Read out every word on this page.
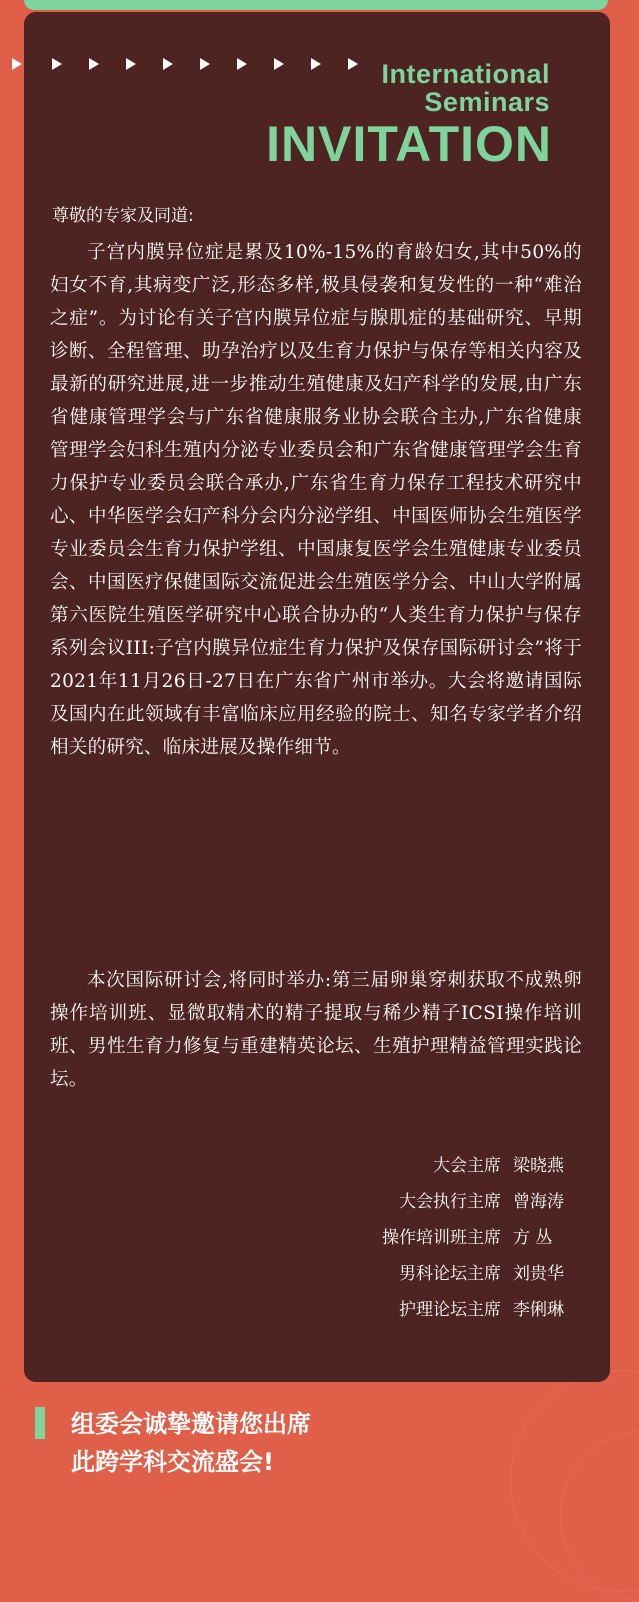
International
Seminars
INVITATION
尊敬的专家及同道:
子宫内膜异位症是累及10%-15%的育龄妇女,其中50%的妇女不育,其病变广泛,形态多样,极具侵袭和复发性的一种“难治之症”。为讨论有关子宫内膜异位症与腺肌症的基础研究、早期诊断、全程管理、助孕治疗以及生育力保护与保存等相关内容及最新的研究进展,进一步推动生殖健康及妇产科学的发展,由广东省健康管理学会与广东省健康服务业协会联合主办,广东省健康管理学会妇科生殖内分泌专业委员会和广东省健康管理学会生育力保护专业委员会联合承办,广东省生育力保存工程技术研究中心、中华医学会妇产科分会内分泌学组、中国医师协会生殖医学专业委员会生育力保护学组、中国康复医学会生殖健康专业委员会、中国医疗保健国际交流促进会生殖医学分会、中山大学附属第六医院生殖医学研究中心联合协办的“人类生育力保护与保存系列会议III:子宫内膜异位症生育力保护及保存国际研讨会”将于2021年11月26日-27日在广东省广州市举办。大会将邀请国际及国内在此领域有丰富临床应用经验的院士、知名专家学者介绍相关的研究、临床进展及操作细节。
本次国际研讨会,将同时举办:第三届卵巢穿刺获取不成熟卵操作培训班、显微取精术的精子提取与稀少精子ICSI操作培训班、男性生育力修复与重建精英论坛、生殖护理精益管理实践论坛。
大会主席 梁晓燕
大会执行主席 曾海涛
操作培训班主席 方 丛
男科论坛主席 刘贵华
护理论坛主席 李俐琳
组委会诚挚邀请您出席
此跨学科交流盛会!
